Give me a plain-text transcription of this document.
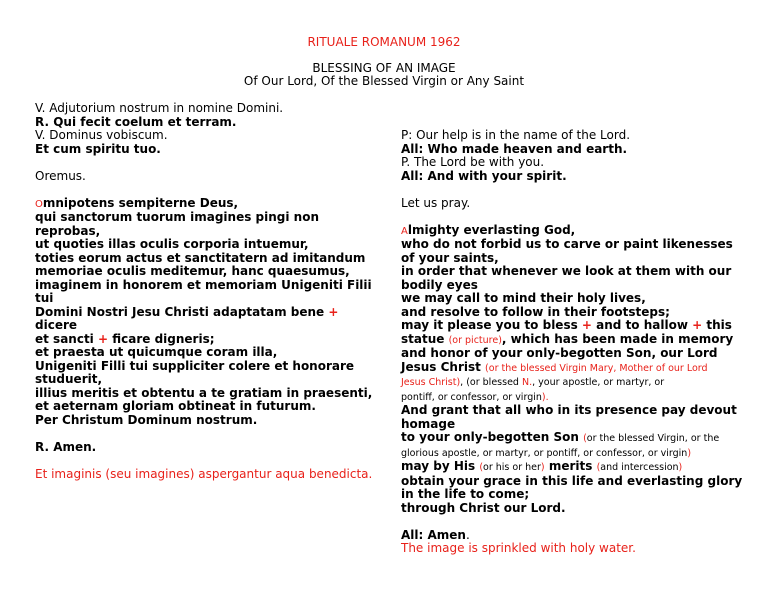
RITUALE ROMANUM 1962
BLESSING OF AN IMAGE
Of Our Lord, Of the Blessed Virgin or Any Saint

V. Adjutorium nostrum in nomine Domini.

R. Qui fecit coelum et terram.

V. Dominus vobiscum.

Et cum spiritu tuo.

Oremus.

Omnipotens sempiterne Deus,

qui sanctorum tuorum imagines pingi non

reprobas,

ut quoties illas oculis corporia intuemur,

toties eorum actus et sanctitatern ad imitandum

memoriae oculis meditemur, hanc quaesumus,

imaginem in honorem et memoriam Unigeniti Filii

tui

Domini Nostri Jesu Christi adaptatam bene +

dicere

et sancti + ficare digneris;

et praesta ut quicumque coram illa,

Unigeniti Filli tui suppliciter colere et honorare

studuerit,

illius meritis et obtentu a te gratiam in praesenti,

et aeternam gloriam obtineat in futurum.

Per Christum Dominum nostrum.

R. Amen.

Et imaginis (seu imagines) aspergantur aqua benedicta.

P: Our help is in the name of the Lord.

All: Who made heaven and earth.

P. The Lord be with you.

All: And with your spirit.

Let us pray.

Almighty everlasting God,

who do not forbid us to carve or paint likenesses

of your saints,

in order that whenever we look at them with our

bodily eyes

we may call to mind their holy lives,

and resolve to follow in their footsteps;

may it please you to bless + and to hallow + this

statue (or picture), which has been made in memory

and honor of your only-begotten Son, our Lord

Jesus Christ (or the blessed Virgin Mary, Mother of our Lord

Jesus Christ), (or blessed N., your apostle, or martyr, or

pontiff, or confessor, or virgin).

And grant that all who in its presence pay devout

homage

to your only-begotten Son (or the blessed Virgin, or the

glorious apostle, or martyr, or pontiff, or confessor, or virgin)

may by His (or his or her) merits (and intercession)

obtain your grace in this life and everlasting glory

in the life to come;

through Christ our Lord.

All: Amen.

The image is sprinkled with holy water.
